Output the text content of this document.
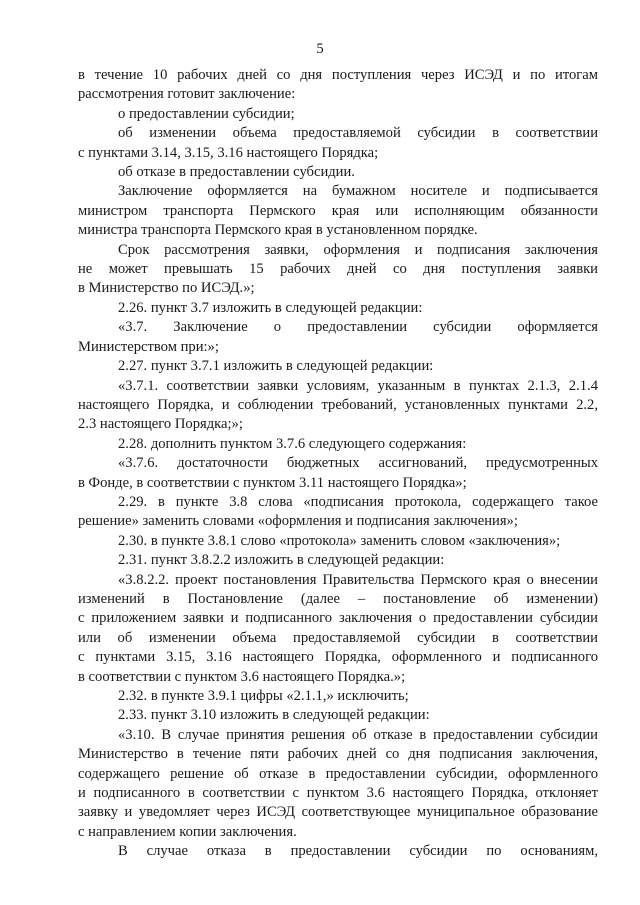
5

в течение 10 рабочих дней со дня поступления через ИСЭД и по итогам

рассмотрения готовит заключение:

о предоставлении субсидии;

об изменении объема предоставляемой субсидии в соответствии

с пунктами 3.14, 3.15, 3.16 настоящего Порядка;

об отказе в предоставлении субсидии.

Заключение оформляется на бумажном носителе и подписывается

министром транспорта Пермского края или исполняющим обязанности

министра транспорта Пермского края в установленном порядке.

Срок рассмотрения заявки, оформления и подписания заключения

не может превышать 15 рабочих дней со дня поступления заявки

в Министерство по ИСЭД.»;

2.26. пункт 3.7 изложить в следующей редакции:

«3.7. Заключение о предоставлении субсидии оформляется

Министерством при:»;

2.27. пункт 3.7.1 изложить в следующей редакции:

«3.7.1. соответствии заявки условиям, указанным в пунктах 2.1.3, 2.1.4

настоящего Порядка, и соблюдении требований, установленных пунктами 2.2,

2.3 настоящего Порядка;»;

2.28. дополнить пунктом 3.7.6 следующего содержания:

«3.7.6. достаточности бюджетных ассигнований, предусмотренных

в Фонде, в соответствии с пунктом 3.11 настоящего Порядка»;

2.29. в пункте 3.8 слова «подписания протокола, содержащего такое

решение» заменить словами «оформления и подписания заключения»;

2.30. в пункте 3.8.1 слово «протокола» заменить словом «заключения»;

2.31. пункт 3.8.2.2 изложить в следующей редакции:

«3.8.2.2. проект постановления Правительства Пермского края о внесении

изменений в Постановление (далее – постановление об изменении)

с приложением заявки и подписанного заключения о предоставлении субсидии

или об изменении объема предоставляемой субсидии в соответствии

с пунктами 3.15, 3.16 настоящего Порядка, оформленного и подписанного

в соответствии с пунктом 3.6 настоящего Порядка.»;

2.32. в пункте 3.9.1 цифры «2.1.1,» исключить;

2.33. пункт 3.10 изложить в следующей редакции:

«3.10. В случае принятия решения об отказе в предоставлении субсидии

Министерство в течение пяти рабочих дней со дня подписания заключения,

содержащего решение об отказе в предоставлении субсидии, оформленного

и подписанного в соответствии с пунктом 3.6 настоящего Порядка, отклоняет

заявку и уведомляет через ИСЭД соответствующее муниципальное образование

с направлением копии заключения.

В случае отказа в предоставлении субсидии по основаниям,
